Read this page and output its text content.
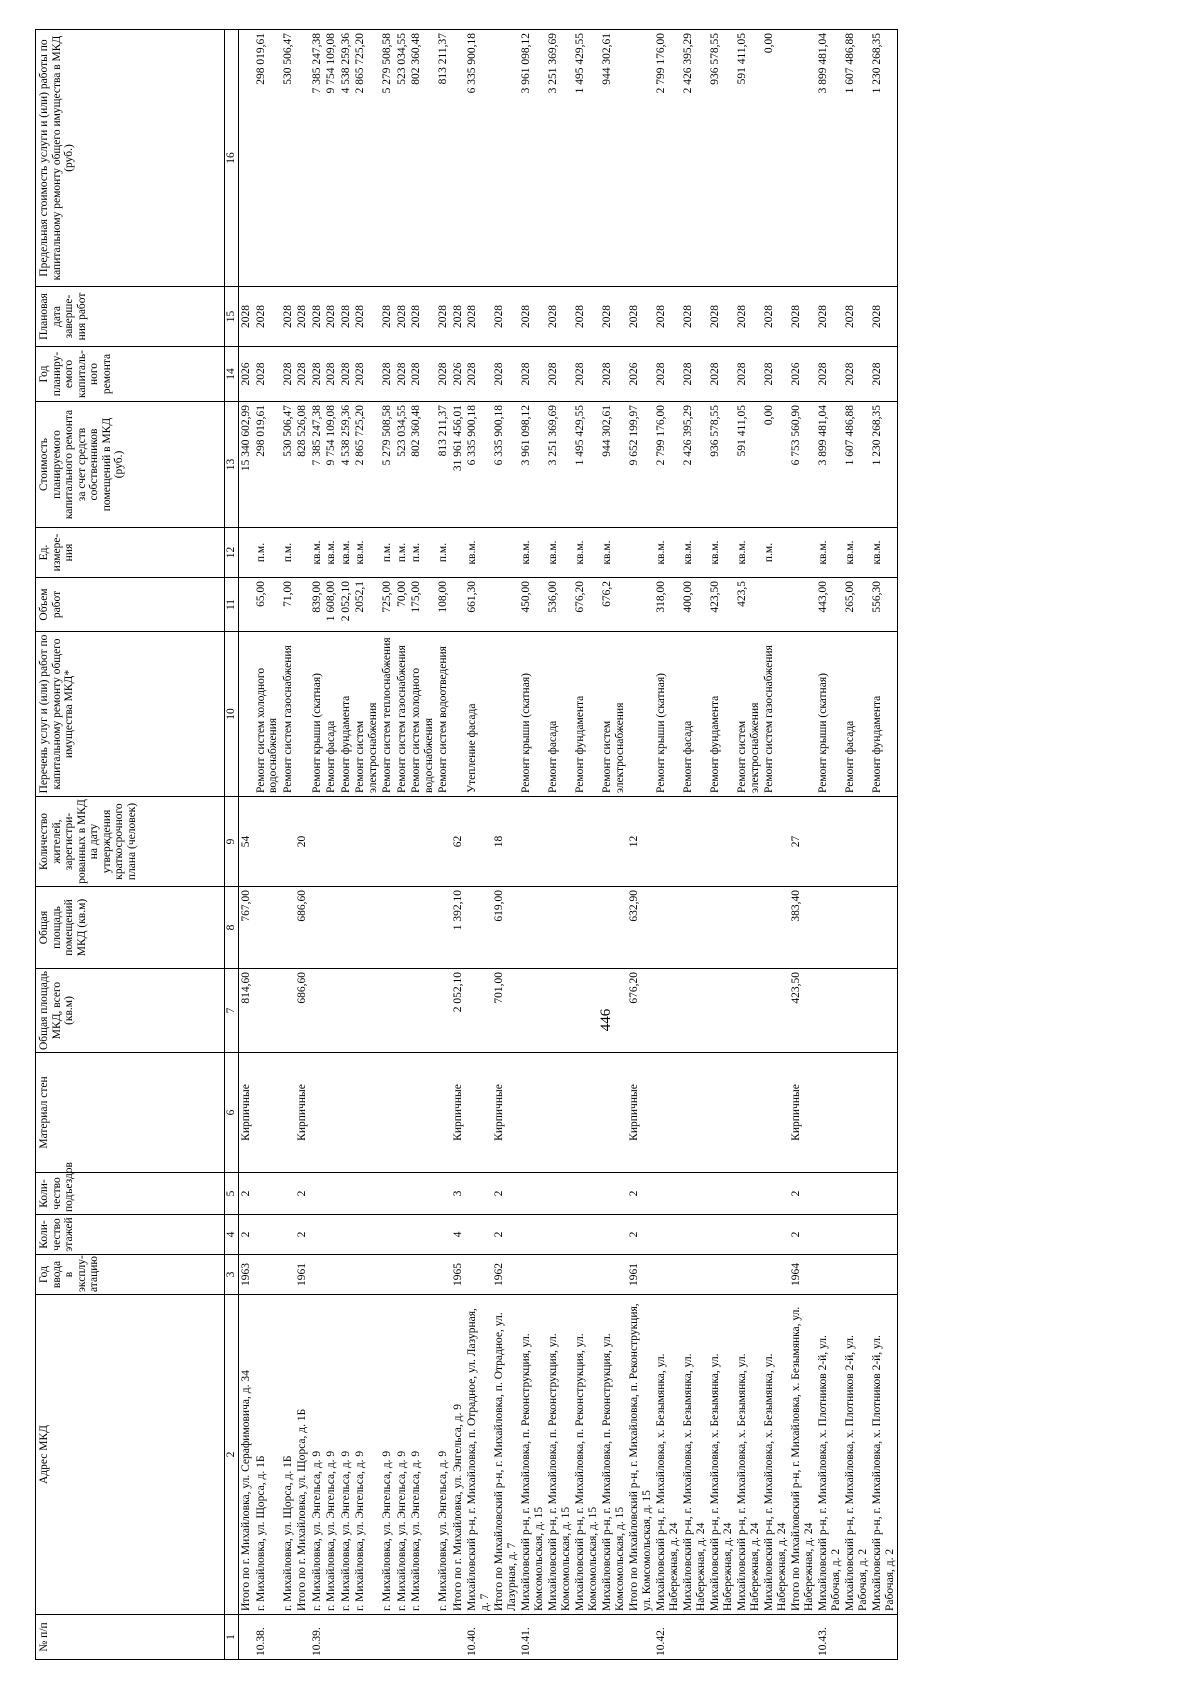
446
№ п/п	Адрес МКД	Год ввода в эксплу-атацию	Коли-чество этажей	Коли-чество подъездов	Материал стен	Общая площадь МКД, всего (кв.м)	Общая площадь помещений МКД (кв.м)	Количество жителей, зарегистри-рованных в МКД на дату утверждения краткосрочного плана (человек)	Перечень услуг и (или) работ по капитальному ремонту общего имущества МКД*	Объем работ	Ед. измере-ния	Стоимость планируемого капитального ремонта за счет средств собственников помещений в МКД (руб.)	Год планиру-емого капиталь-ного ремонта	Плановая дата заверше-ния работ	Предельная стоимость услуги и (или) работы по капитальному ремонту общего имущества в МКД (руб.)
1	2	3	4	5	6	7	8	9	10	11	12	13	14	15	16
	Итого по г. Михайловка, ул. Серафимовича, д. 34	1963	2	2	Кирпичные	814,60	767,00	54				15 340 602,99	2026	2028	
10.38.	г. Михайловка, ул. Щорса, д. 1Б								Ремонт систем холодного водоснабжения	65,00	п.м.	298 019,61	2028	2028	298 019,61
	г. Михайловка, ул. Щорса, д. 1Б								Ремонт систем газоснабжения	71,00	п.м.	530 506,47	2028	2028	530 506,47
	Итого по г. Михайловка, ул. Щорса, д. 1Б	1961	2	2	Кирпичные	686,60	686,60	20				828 526,08	2028	2028	
10.39.	г. Михайловка, ул. Энгельса, д. 9								Ремонт крыши (скатная)	839,00	кв.м.	7 385 247,38	2028	2028	7 385 247,38
	г. Михайловка, ул. Энгельса, д. 9								Ремонт фасада	1 608,00	кв.м.	9 754 109,08	2028	2028	9 754 109,08
	г. Михайловка, ул. Энгельса, д. 9								Ремонт фундамента	2 052,10	кв.м.	4 538 259,36	2028	2028	4 538 259,36
	г. Михайловка, ул. Энгельса, д. 9								Ремонт систем электроснабжения	2052,1	кв.м.	2 865 725,20	2028	2028	2 865 725,20
	г. Михайловка, ул. Энгельса, д. 9								Ремонт систем теплоснабжения	725,00	п.м.	5 279 508,58	2028	2028	5 279 508,58
	г. Михайловка, ул. Энгельса, д. 9								Ремонт систем газоснабжения	70,00	п.м.	523 034,55	2028	2028	523 034,55
	г. Михайловка, ул. Энгельса, д. 9								Ремонт систем холодного водоснабжения	175,00	п.м.	802 360,48	2028	2028	802 360,48
	г. Михайловка, ул. Энгельса, д. 9								Ремонт систем водоотведения	108,00	п.м.	813 211,37	2028	2028	813 211,37
	Итого по г. Михайловка, ул. Энгельса, д. 9	1965	4	3	Кирпичные	2 052,10	1 392,10	62				31 961 456,01	2026	2028	
10.40.	Михайловский р-н, г. Михайловка, п. Отрадное, ул. Лазурная, д. 7								Утепление фасада	661,30	кв.м.	6 335 900,18	2028	2028	6 335 900,18
	Итого по Михайловский р-н, г. Михайловка, п. Отрадное, ул. Лазурная, д. 7	1962	2	2	Кирпичные	701,00	619,00	18				6 335 900,18	2028	2028	
10.41.	Михайловский р-н, г. Михайловка, п. Реконструкция, ул. Комсомольская, д. 15								Ремонт крыши (скатная)	450,00	кв.м.	3 961 098,12	2028	2028	3 961 098,12
	Михайловский р-н, г. Михайловка, п. Реконструкция, ул. Комсомольская, д. 15								Ремонт фасада	536,00	кв.м.	3 251 369,69	2028	2028	3 251 369,69
	Михайловский р-н, г. Михайловка, п. Реконструкция, ул. Комсомольская, д. 15								Ремонт фундамента	676,20	кв.м.	1 495 429,55	2028	2028	1 495 429,55
	Михайловский р-н, г. Михайловка, п. Реконструкция, ул. Комсомольская, д. 15								Ремонт систем электроснабжения	676,2	кв.м.	944 302,61	2028	2028	944 302,61
	Итого по Михайловский р-н, г. Михайловка, п. Реконструкция, ул. Комсомольская, д. 15	1961	2	2	Кирпичные	676,20	632,90	12				9 652 199,97	2026	2028	
10.42.	Михайловский р-н, г. Михайловка, х. Безымянка, ул. Набережная, д. 24								Ремонт крыши (скатная)	318,00	кв.м.	2 799 176,00	2028	2028	2 799 176,00
	Михайловский р-н, г. Михайловка, х. Безымянка, ул. Набережная, д. 24								Ремонт фасада	400,00	кв.м.	2 426 395,29	2028	2028	2 426 395,29
	Михайловский р-н, г. Михайловка, х. Безымянка, ул. Набережная, д. 24								Ремонт фундамента	423,50	кв.м.	936 578,55	2028	2028	936 578,55
	Михайловский р-н, г. Михайловка, х. Безымянка, ул. Набережная, д. 24								Ремонт систем электроснабжения	423,5	кв.м.	591 411,05	2028	2028	591 411,05
	Михайловский р-н, г. Михайловка, х. Безымянка, ул. Набережная, д. 24								Ремонт систем газоснабжения		п.м.	0,00	2028	2028	0,00
	Итого по Михайловский р-н, г. Михайловка, х. Безымянка, ул. Набережная, д. 24	1964	2	2	Кирпичные	423,50	383,40	27				6 753 560,90	2026	2028	
10.43.	Михайловский р-н, г. Михайловка, х. Плотников 2-й, ул. Рабочая, д. 2								Ремонт крыши (скатная)	443,00	кв.м.	3 899 481,04	2028	2028	3 899 481,04
	Михайловский р-н, г. Михайловка, х. Плотников 2-й, ул. Рабочая, д. 2								Ремонт фасада	265,00	кв.м.	1 607 486,88	2028	2028	1 607 486,88
	Михайловский р-н, г. Михайловка, х. Плотников 2-й, ул. Рабочая, д. 2								Ремонт фундамента	556,30	кв.м.	1 230 268,35	2028	2028	1 230 268,35
